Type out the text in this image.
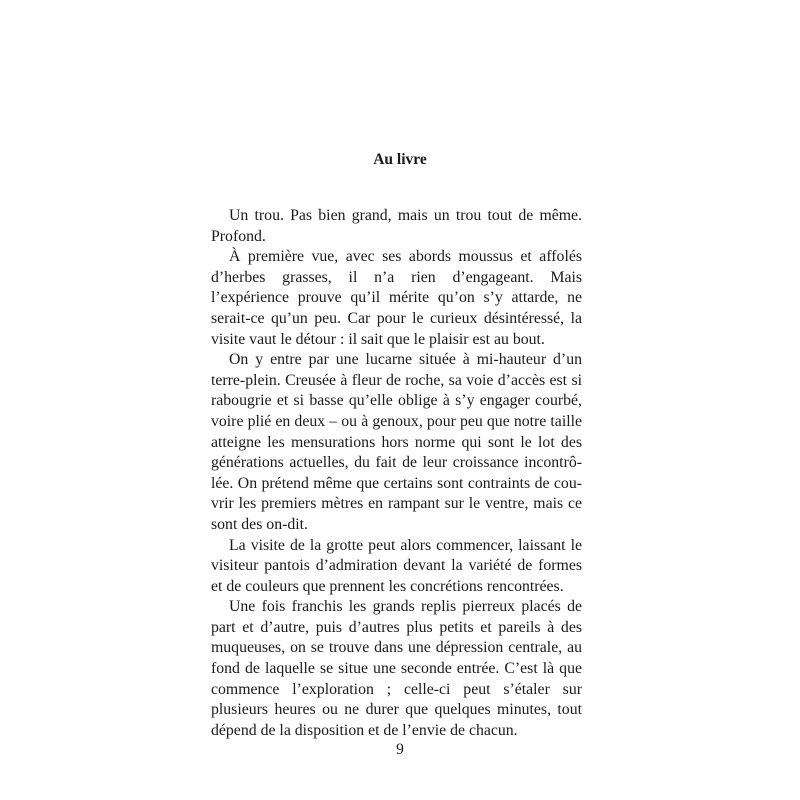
Au livre

Un trou. Pas bien grand, mais un trou tout de même. Profond.

À première vue, avec ses abords moussus et affolés d’herbes grasses, il n’a rien d’engageant. Mais l’expérience prouve qu’il mérite qu’on s’y attarde, ne serait-ce qu’un peu. Car pour le curieux désintéressé, la visite vaut le détour : il sait que le plaisir est au bout.

On y entre par une lucarne située à mi-hauteur d’un terre-plein. Creusée à fleur de roche, sa voie d’accès est si rabougrie et si basse qu’elle oblige à s’y engager courbé, voire plié en deux – ou à genoux, pour peu que notre taille atteigne les mensurations hors norme qui sont le lot des générations actuelles, du fait de leur croissance incontrôlée. On prétend même que certains sont contraints de couvrir les premiers mètres en rampant sur le ventre, mais ce sont des on-dit.

La visite de la grotte peut alors commencer, laissant le visiteur pantois d’admiration devant la variété de formes et de couleurs que prennent les concrétions rencontrées.

Une fois franchis les grands replis pierreux placés de part et d’autre, puis d’autres plus petits et pareils à des muqueuses, on se trouve dans une dépression centrale, au fond de laquelle se situe une seconde entrée. C’est là que commence l’exploration ; celle-ci peut s’étaler sur plusieurs heures ou ne durer que quelques minutes, tout dépend de la disposition et de l’envie de chacun.

9
